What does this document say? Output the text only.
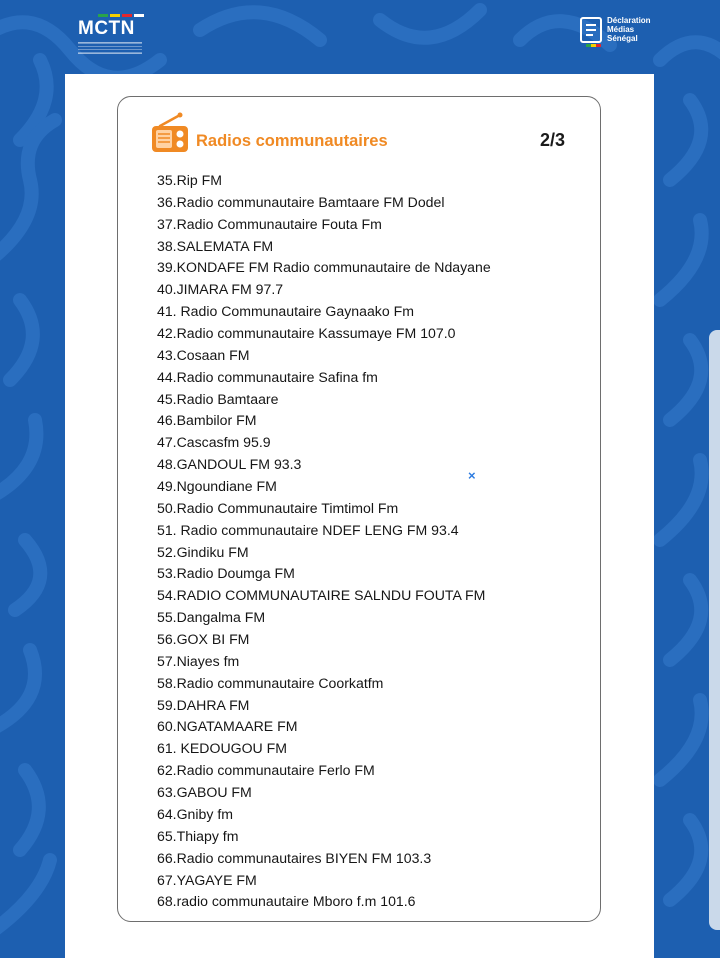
MCTN	Déclaration
Médias
Sénégal
Radios communautaires	2/3
35.Rip FM
36.Radio communautaire Bamtaare FM Dodel
37.Radio Communautaire Fouta Fm
38.SALEMATA FM
39.KONDAFE FM Radio communautaire de Ndayane
40.JIMARA FM 97.7
41. Radio Communautaire Gaynaako Fm
42.Radio communautaire Kassumaye FM 107.0
43.Cosaan FM
44.Radio communautaire Safina fm
45.Radio Bamtaare
46.Bambilor FM
47.Cascasfm 95.9
48.GANDOUL FM 93.3
49.Ngoundiane FM
50.Radio Communautaire Timtimol Fm
51. Radio communautaire NDEF LENG FM 93.4
52.Gindiku FM
53.Radio Doumga FM
54.RADIO COMMUNAUTAIRE SALNDU FOUTA FM
55.Dangalma FM
56.GOX BI FM
57.Niayes fm
58.Radio communautaire Coorkatfm
59.DAHRA FM
60.NGATAMAARE FM
61. KEDOUGOU FM
62.Radio communautaire Ferlo FM
63.GABOU FM
64.Gniby fm
65.Thiapy fm
66.Radio communautaires BIYEN FM 103.3
67.YAGAYE FM
68.radio communautaire Mboro f.m 101.6
×
